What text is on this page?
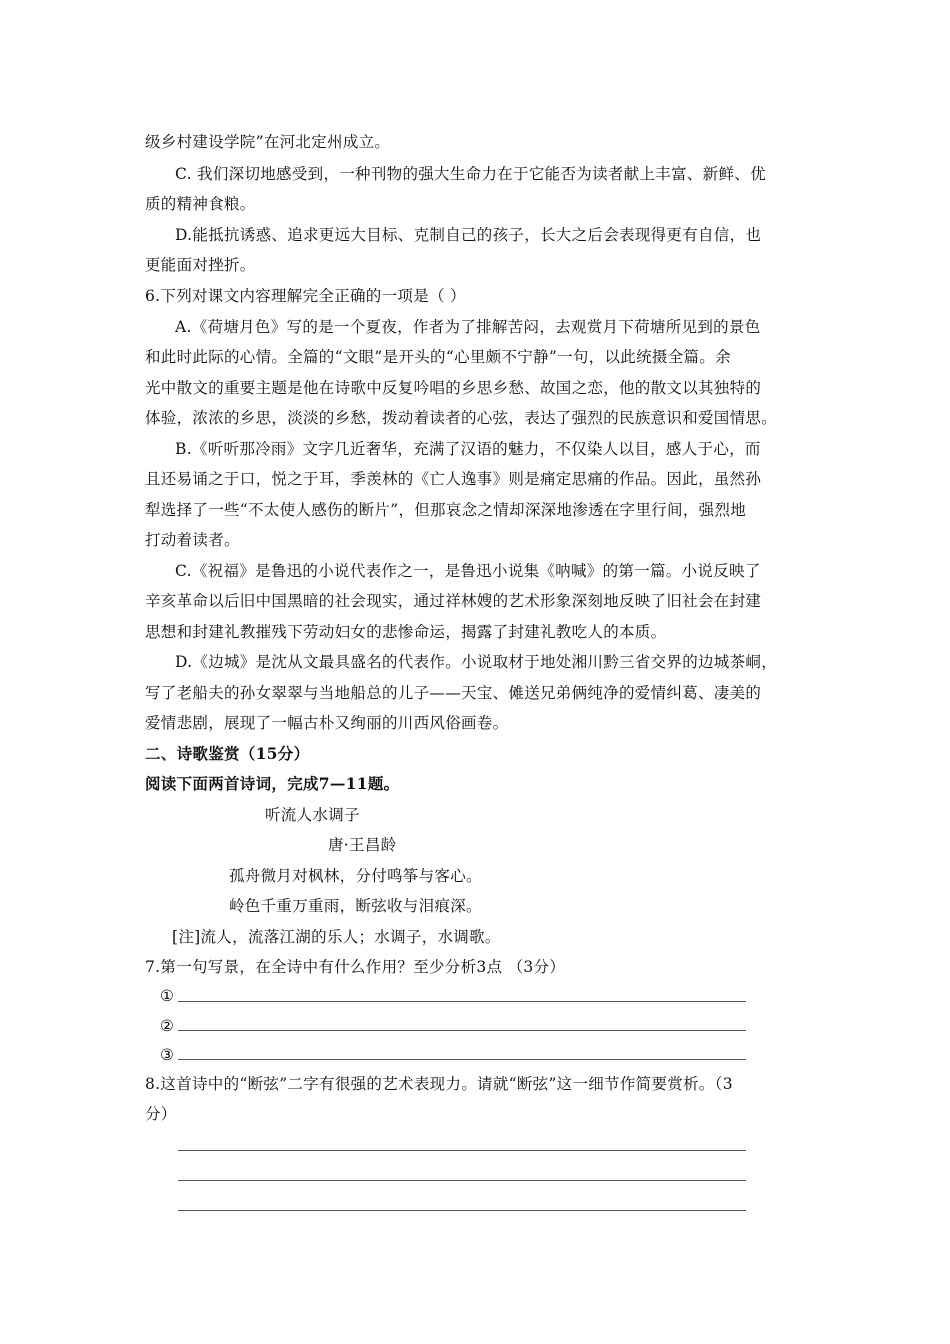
级乡村建设学院”在河北定州成立。
C. 我们深切地感受到，一种刊物的强大生命力在于它能否为读者献上丰富、新鲜、优
质的精神食粮。
D.能抵抗诱惑、追求更远大目标、克制自己的孩子，长大之后会表现得更有自信，也
更能面对挫折。
6.下列对课文内容理解完全正确的一项是（ ）
A.《荷塘月色》写的是一个夏夜，作者为了排解苦闷，去观赏月下荷塘所见到的景色
和此时此际的心情。全篇的“文眼”是开头的“心里颇不宁静”一句，以此统摄全篇。余
光中散文的重要主题是他在诗歌中反复吟唱的乡思乡愁、故国之恋，他的散文以其独特的
体验，浓浓的乡思，淡淡的乡愁，拨动着读者的心弦，表达了强烈的民族意识和爱国情思。
B.《听听那冷雨》文字几近奢华，充满了汉语的魅力，不仅染人以目，感人于心，而
且还易诵之于口，悦之于耳，季羡林的《亡人逸事》则是痛定思痛的作品。因此，虽然孙
犁选择了一些“不太使人感伤的断片”，但那哀念之情却深深地渗透在字里行间，强烈地
打动着读者。
C.《祝福》是鲁迅的小说代表作之一，是鲁迅小说集《呐喊》的第一篇。小说反映了
辛亥革命以后旧中国黑暗的社会现实，通过祥林嫂的艺术形象深刻地反映了旧社会在封建
思想和封建礼教摧残下劳动妇女的悲惨命运，揭露了封建礼教吃人的本质。
D.《边城》是沈从文最具盛名的代表作。小说取材于地处湘川黔三省交界的边城茶峒，
写了老船夫的孙女翠翠与当地船总的儿子——天宝、傩送兄弟俩纯净的爱情纠葛、凄美的
爱情悲剧，展现了一幅古朴又绚丽的川西风俗画卷。
二、诗歌鉴赏（15分）
阅读下面两首诗词，完成7—11题。
听流人水调子
唐·王昌龄
孤舟微月对枫林，分付鸣筝与客心。
岭色千重万重雨，断弦收与泪痕深。
[注]流人，流落江湖的乐人；水调子，水调歌。
7.第一句写景，在全诗中有什么作用？至少分析3点 （3分）
①
②
③
8.这首诗中的“断弦”二字有很强的艺术表现力。请就“断弦”这一细节作简要赏析。（3
分）
